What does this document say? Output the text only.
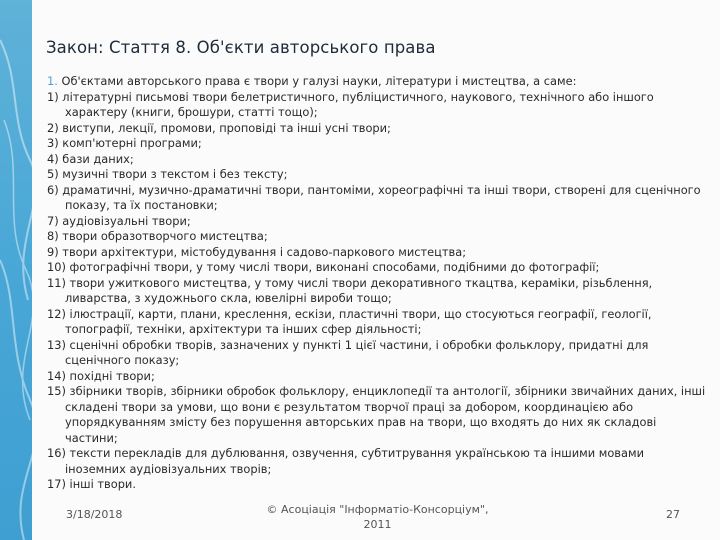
Закон: Стаття 8. Об'єкти авторського права
1. Об'єктами авторського права є твори у галузі науки, літератури і мистецтва, а саме:
1) літературні письмові твори белетристичного, публіцистичного, наукового, технічного або іншого характеру (книги, брошури, статті тощо);
2) виступи, лекції, промови, проповіді та інші усні твори;
3) комп'ютерні програми;
4) бази даних;
5) музичні твори з текстом і без тексту;
6) драматичні, музично-драматичні твори, пантоміми, хореографічні та інші твори, створені для сценічного показу, та їх постановки;
7) аудіовізуальні твори;
8) твори образотворчого мистецтва;
9) твори архітектури, містобудування і садово-паркового мистецтва;
10) фотографічні твори, у тому числі твори, виконані способами, подібними до фотографії;
11) твори ужиткового мистецтва, у тому числі твори декоративного ткацтва, кераміки, різьблення, ливарства, з художнього скла, ювелірні вироби тощо;
12) ілюстрації, карти, плани, креслення, ескізи, пластичні твори, що стосуються географії, геології, топографії, техніки, архітектури та інших сфер діяльності;
13) сценічні обробки творів, зазначених у пункті 1 цієї частини, і обробки фольклору, придатні для сценічного показу;
14) похідні твори;
15) збірники творів, збірники обробок фольклору, енциклопедії та антології, збірники звичайних даних, інші складені твори за умови, що вони є результатом творчої праці за добором, координацією або упорядкуванням змісту без порушення авторських прав на твори, що входять до них як складові частини;
16) тексти перекладів для дублювання, озвучення, субтитрування українською та іншими мовами іноземних аудіовізуальних творів;
17) інші твори.
3/18/2018	© Асоціація "Інформатіо-Консорціум",
2011
27
